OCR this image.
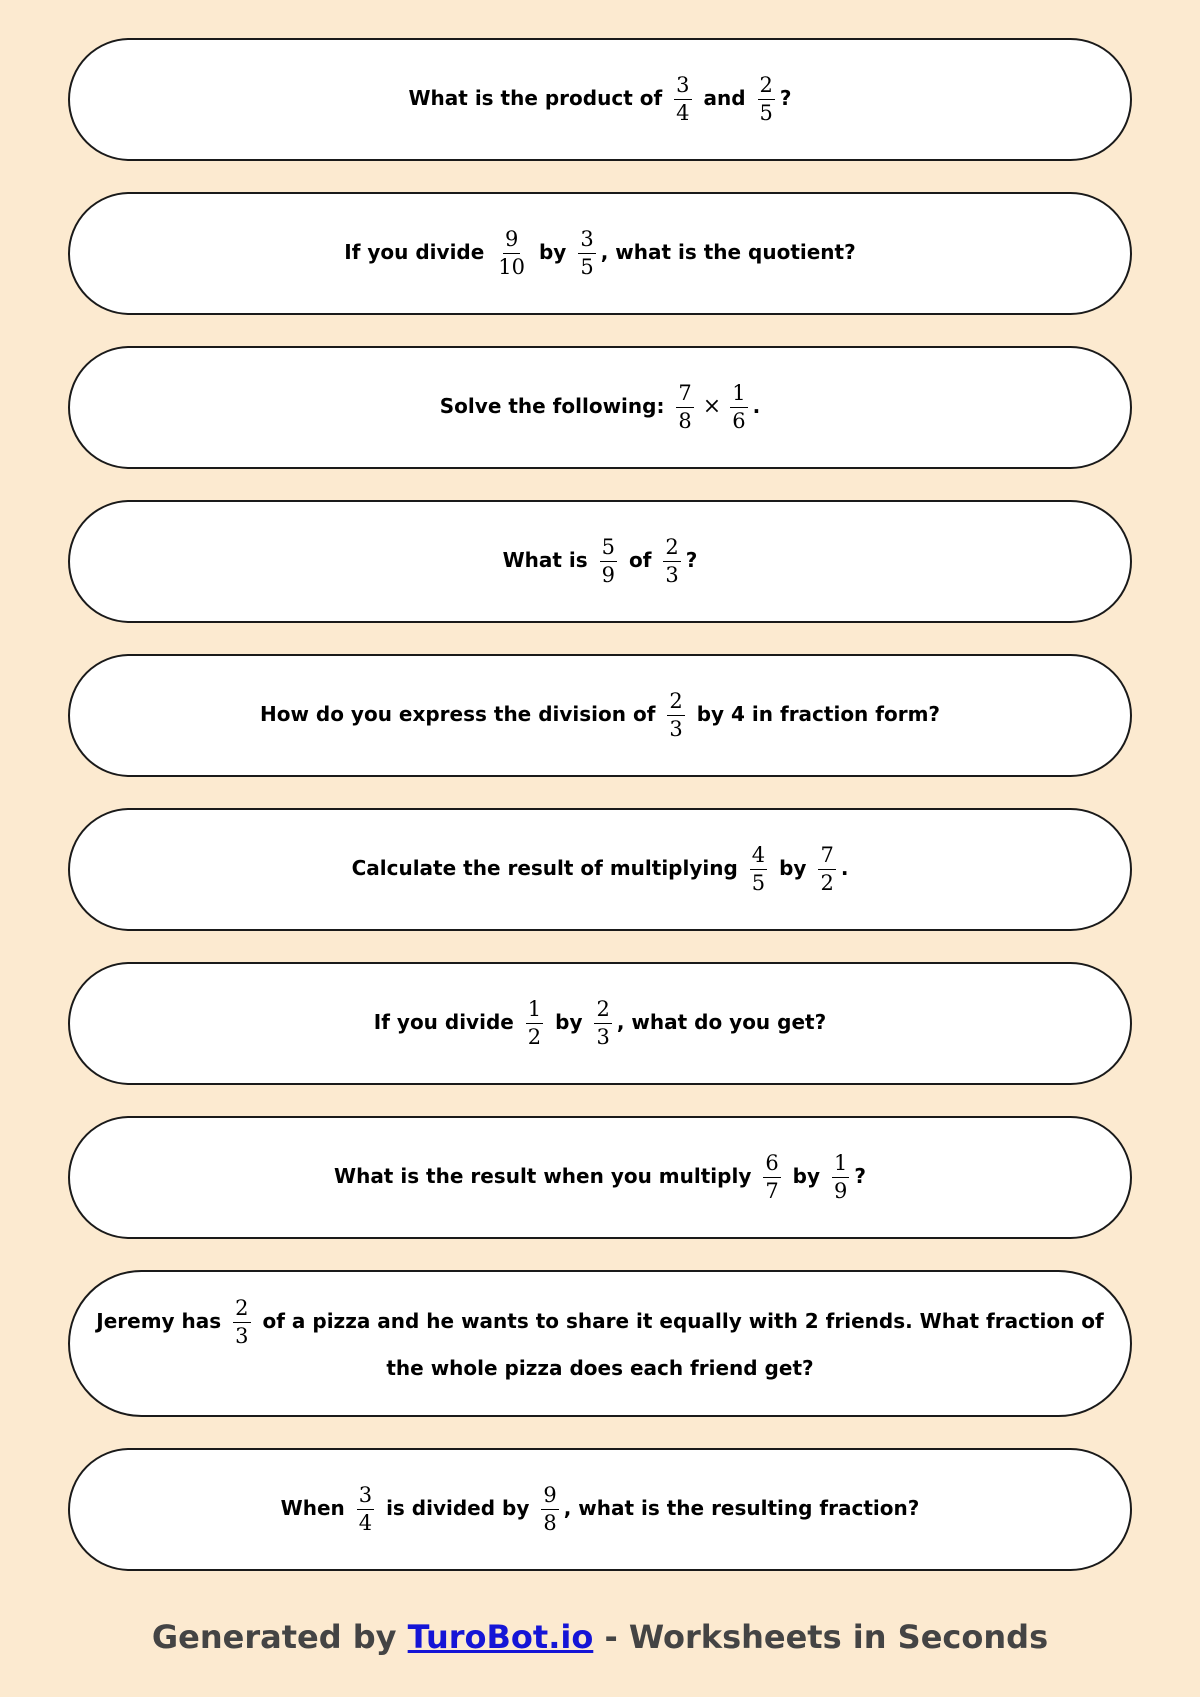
What is the product of $\frac{3}{4}$ and $\frac{2}{5}$ ?
If you divide $\frac{9}{10}$ by $\frac{3}{5}$ , what is the quotient?
Solve the following: $\frac{7}{8} \times \frac{1}{6}$ .
What is $\frac{5}{9}$ of $\frac{2}{3}$ ?
How do you express the division of $\frac{2}{3}$ by 4 in fraction form?
Calculate the result of multiplying $\frac{4}{5}$ by $\frac{7}{2}$ .
If you divide $\frac{1}{2}$ by $\frac{2}{3}$ , what do you get?
What is the result when you multiply $\frac{6}{7}$ by $\frac{1}{9}$ ?
Jeremy has $\frac{2}{3}$ of a pizza and he wants to share it equally with 2 friends. What fraction of the whole pizza does each friend get?
When $\frac{3}{4}$ is divided by $\frac{9}{8}$ , what is the resulting fraction?
Generated by TuroBot.io - Worksheets in Seconds
